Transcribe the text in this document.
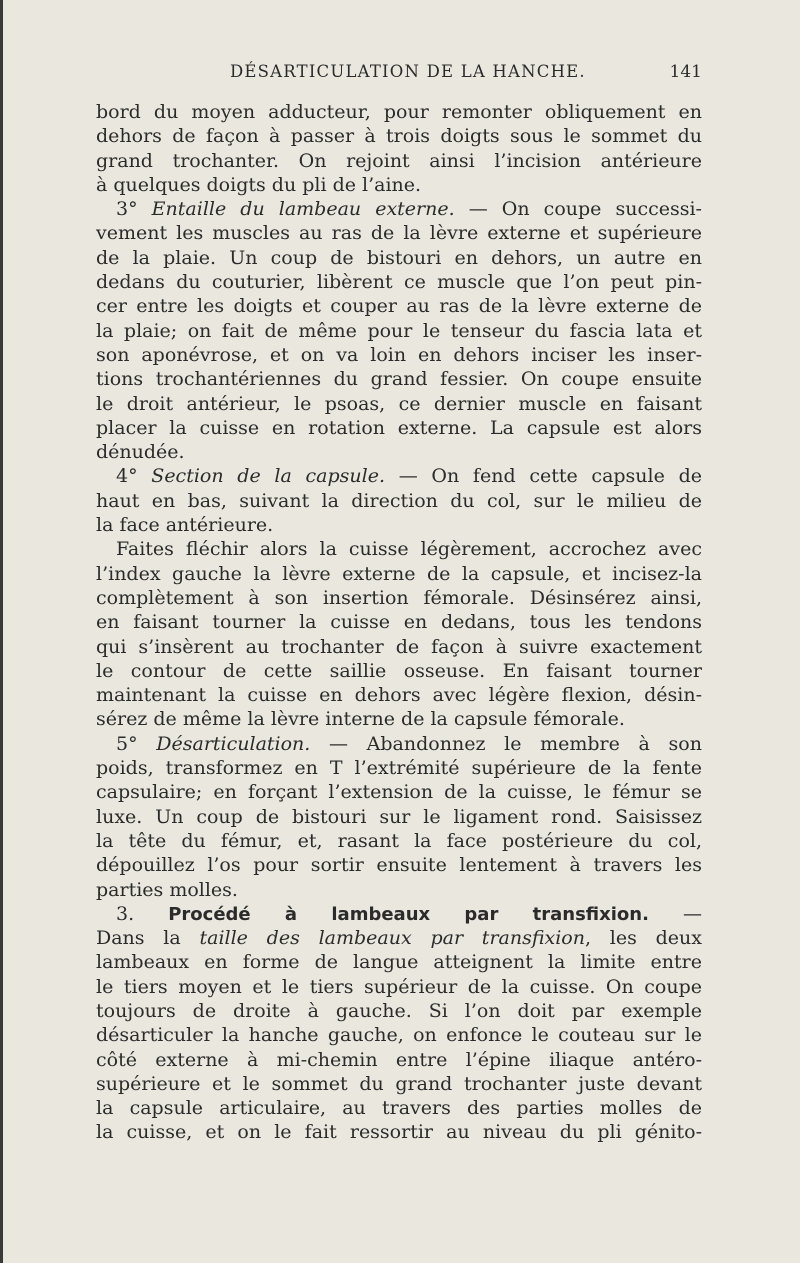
DÉSARTICULATION DE LA HANCHE.	141
bord du moyen adducteur, pour remonter obliquement en
dehors de façon à passer à trois doigts sous le sommet du
grand trochanter. On rejoint ainsi l’incision antérieure
à quelques doigts du pli de l’aine.
3° Entaille du lambeau externe. — On coupe successi-
vement les muscles au ras de la lèvre externe et supérieure
de la plaie. Un coup de bistouri en dehors, un autre en
dedans du couturier, libèrent ce muscle que l’on peut pin-
cer entre les doigts et couper au ras de la lèvre externe de
la plaie; on fait de même pour le tenseur du fascia lata et
son aponévrose, et on va loin en dehors inciser les inser-
tions trochantériennes du grand fessier. On coupe ensuite
le droit antérieur, le psoas, ce dernier muscle en faisant
placer la cuisse en rotation externe. La capsule est alors
dénudée.
4° Section de la capsule. — On fend cette capsule de
haut en bas, suivant la direction du col, sur le milieu de
la face antérieure.
Faites fléchir alors la cuisse légèrement, accrochez avec
l’index gauche la lèvre externe de la capsule, et incisez-la
complètement à son insertion fémorale. Désinsérez ainsi,
en faisant tourner la cuisse en dedans, tous les tendons
qui s’insèrent au trochanter de façon à suivre exactement
le contour de cette saillie osseuse. En faisant tourner
maintenant la cuisse en dehors avec légère flexion, désin-
sérez de même la lèvre interne de la capsule fémorale.
5° Désarticulation. — Abandonnez le membre à son
poids, transformez en T l’extrémité supérieure de la fente
capsulaire; en forçant l’extension de la cuisse, le fémur se
luxe. Un coup de bistouri sur le ligament rond. Saisissez
la tête du fémur, et, rasant la face postérieure du col,
dépouillez l’os pour sortir ensuite lentement à travers les
parties molles.
3. Procédé à lambeaux par transfixion. —
Dans la taille des lambeaux par transfixion, les deux
lambeaux en forme de langue atteignent la limite entre
le tiers moyen et le tiers supérieur de la cuisse. On coupe
toujours de droite à gauche. Si l’on doit par exemple
désarticuler la hanche gauche, on enfonce le couteau sur le
côté externe à mi-chemin entre l’épine iliaque antéro-
supérieure et le sommet du grand trochanter juste devant
la capsule articulaire, au travers des parties molles de
la cuisse, et on le fait ressortir au niveau du pli génito-
